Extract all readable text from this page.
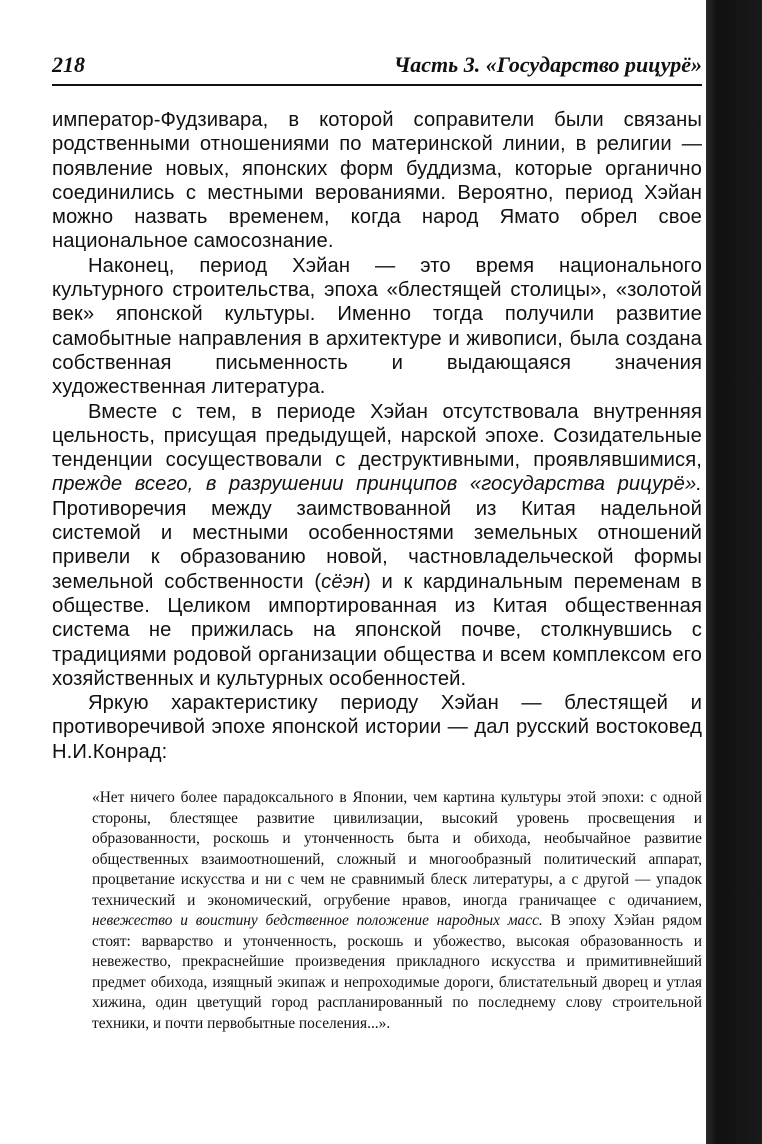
218	Часть 3. «Государство рицурё»

император-Фудзивара, в которой соправители были связаны родственными отношениями по материнской линии, в религии — появление новых, японских форм буддизма, которые органично соединились с местными верованиями. Вероятно, период Хэйан можно назвать временем, когда народ Ямато обрел свое национальное самосознание.

Наконец, период Хэйан — это время национального культурного строительства, эпоха «блестящей столицы», «золотой век» японской культуры. Именно тогда получили развитие самобытные направления в архитектуре и живописи, была создана собственная письменность и выдающаяся значения художественная литература.

Вместе с тем, в периоде Хэйан отсутствовала внутренняя цельность, присущая предыдущей, нарской эпохе. Созидательные тенденции сосуществовали с деструктивными, проявлявшимися, прежде всего, в разрушении принципов «государства рицурё». Противоречия между заимствованной из Китая надельной системой и местными особенностями земельных отношений привели к образованию новой, частновладельческой формы земельной собственности (сёэн) и к кардинальным переменам в обществе. Целиком импортированная из Китая общественная система не прижилась на японской почве, столкнувшись с традициями родовой организации общества и всем комплексом его хозяйственных и культурных особенностей.

Яркую характеристику периоду Хэйан — блестящей и противоречивой эпохе японской истории — дал русский востоковед Н.И.Конрад:

«Нет ничего более парадоксального в Японии, чем картина культуры этой эпохи: с одной стороны, блестящее развитие цивилизации, высокий уровень просвещения и образованности, роскошь и утонченность быта и обихода, необычайное развитие общественных взаимоотношений, сложный и многообразный политический аппарат, процветание искусства и ни с чем не сравнимый блеск литературы, а с другой — упадок технический и экономический, огрубение нравов, иногда граничащее с одичанием, невежество и воистину бедственное положение народных масс. В эпоху Хэйан рядом стоят: варварство и утонченность, роскошь и убожество, высокая образованность и невежество, прекраснейшие произведения прикладного искусства и примитивнейший предмет обихода, изящный экипаж и непроходимые дороги, блистательный дворец и утлая хижина, один цветущий город распланированный по последнему слову строительной техники, и почти первобытные поселения...».
